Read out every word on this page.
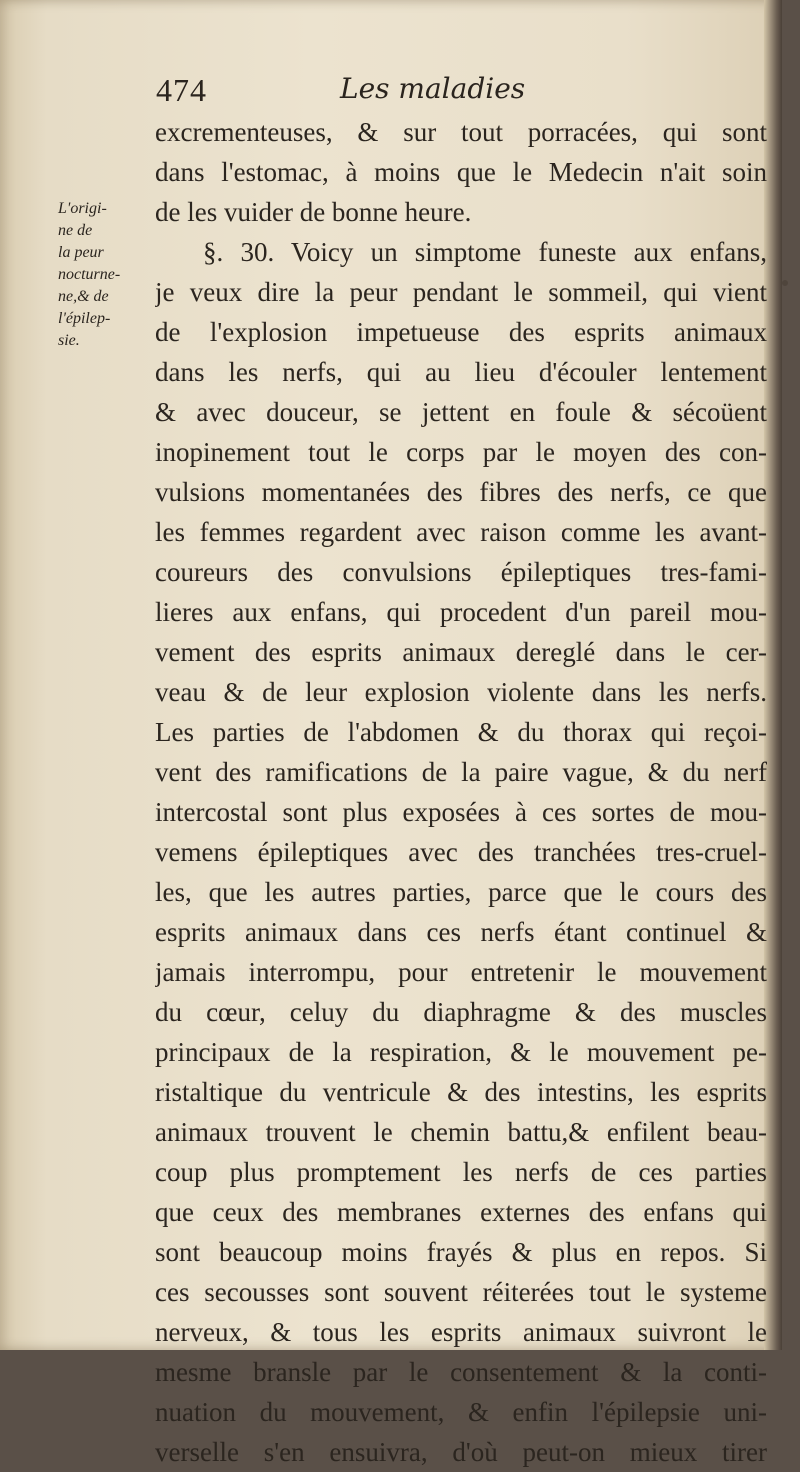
474	Les maladies
L'origi-
ne de
la peur
nocturne-
ne,& de
l'épilep-
sie.
excrementeuses, & sur tout porracées, qui sont
dans l'estomac, à moins que le Medecin n'ait soin
de les vuider de bonne heure.
§. 30. Voicy un simptome funeste aux enfans,
je veux dire la peur pendant le sommeil, qui vient
de l'explosion impetueuse des esprits animaux
dans les nerfs, qui au lieu d'écouler lentement
& avec douceur, se jettent en foule & sécoüent
inopinement tout le corps par le moyen des con-
vulsions momentanées des fibres des nerfs, ce que
les femmes regardent avec raison comme les avant-
coureurs des convulsions épileptiques tres-fami-
lieres aux enfans, qui procedent d'un pareil mou-
vement des esprits animaux dereglé dans le cer-
veau & de leur explosion violente dans les nerfs.
Les parties de l'abdomen & du thorax qui reçoi-
vent des ramifications de la paire vague, & du nerf
intercostal sont plus exposées à ces sortes de mou-
vemens épileptiques avec des tranchées tres-cruel-
les, que les autres parties, parce que le cours des
esprits animaux dans ces nerfs étant continuel &
jamais interrompu, pour entretenir le mouvement
du cœur, celuy du diaphragme & des muscles
principaux de la respiration, & le mouvement pe-
ristaltique du ventricule & des intestins, les esprits
animaux trouvent le chemin battu,& enfilent beau-
coup plus promptement les nerfs de ces parties
que ceux des membranes externes des enfans qui
sont beaucoup moins frayés & plus en repos. Si
ces secousses sont souvent réiterées tout le systeme
nerveux, & tous les esprits animaux suivront le
mesme bransle par le consentement & la conti-
nuation du mouvement, & enfin l'épilepsie uni-
verselle s'en ensuivra, d'où peut-on mieux tirer
